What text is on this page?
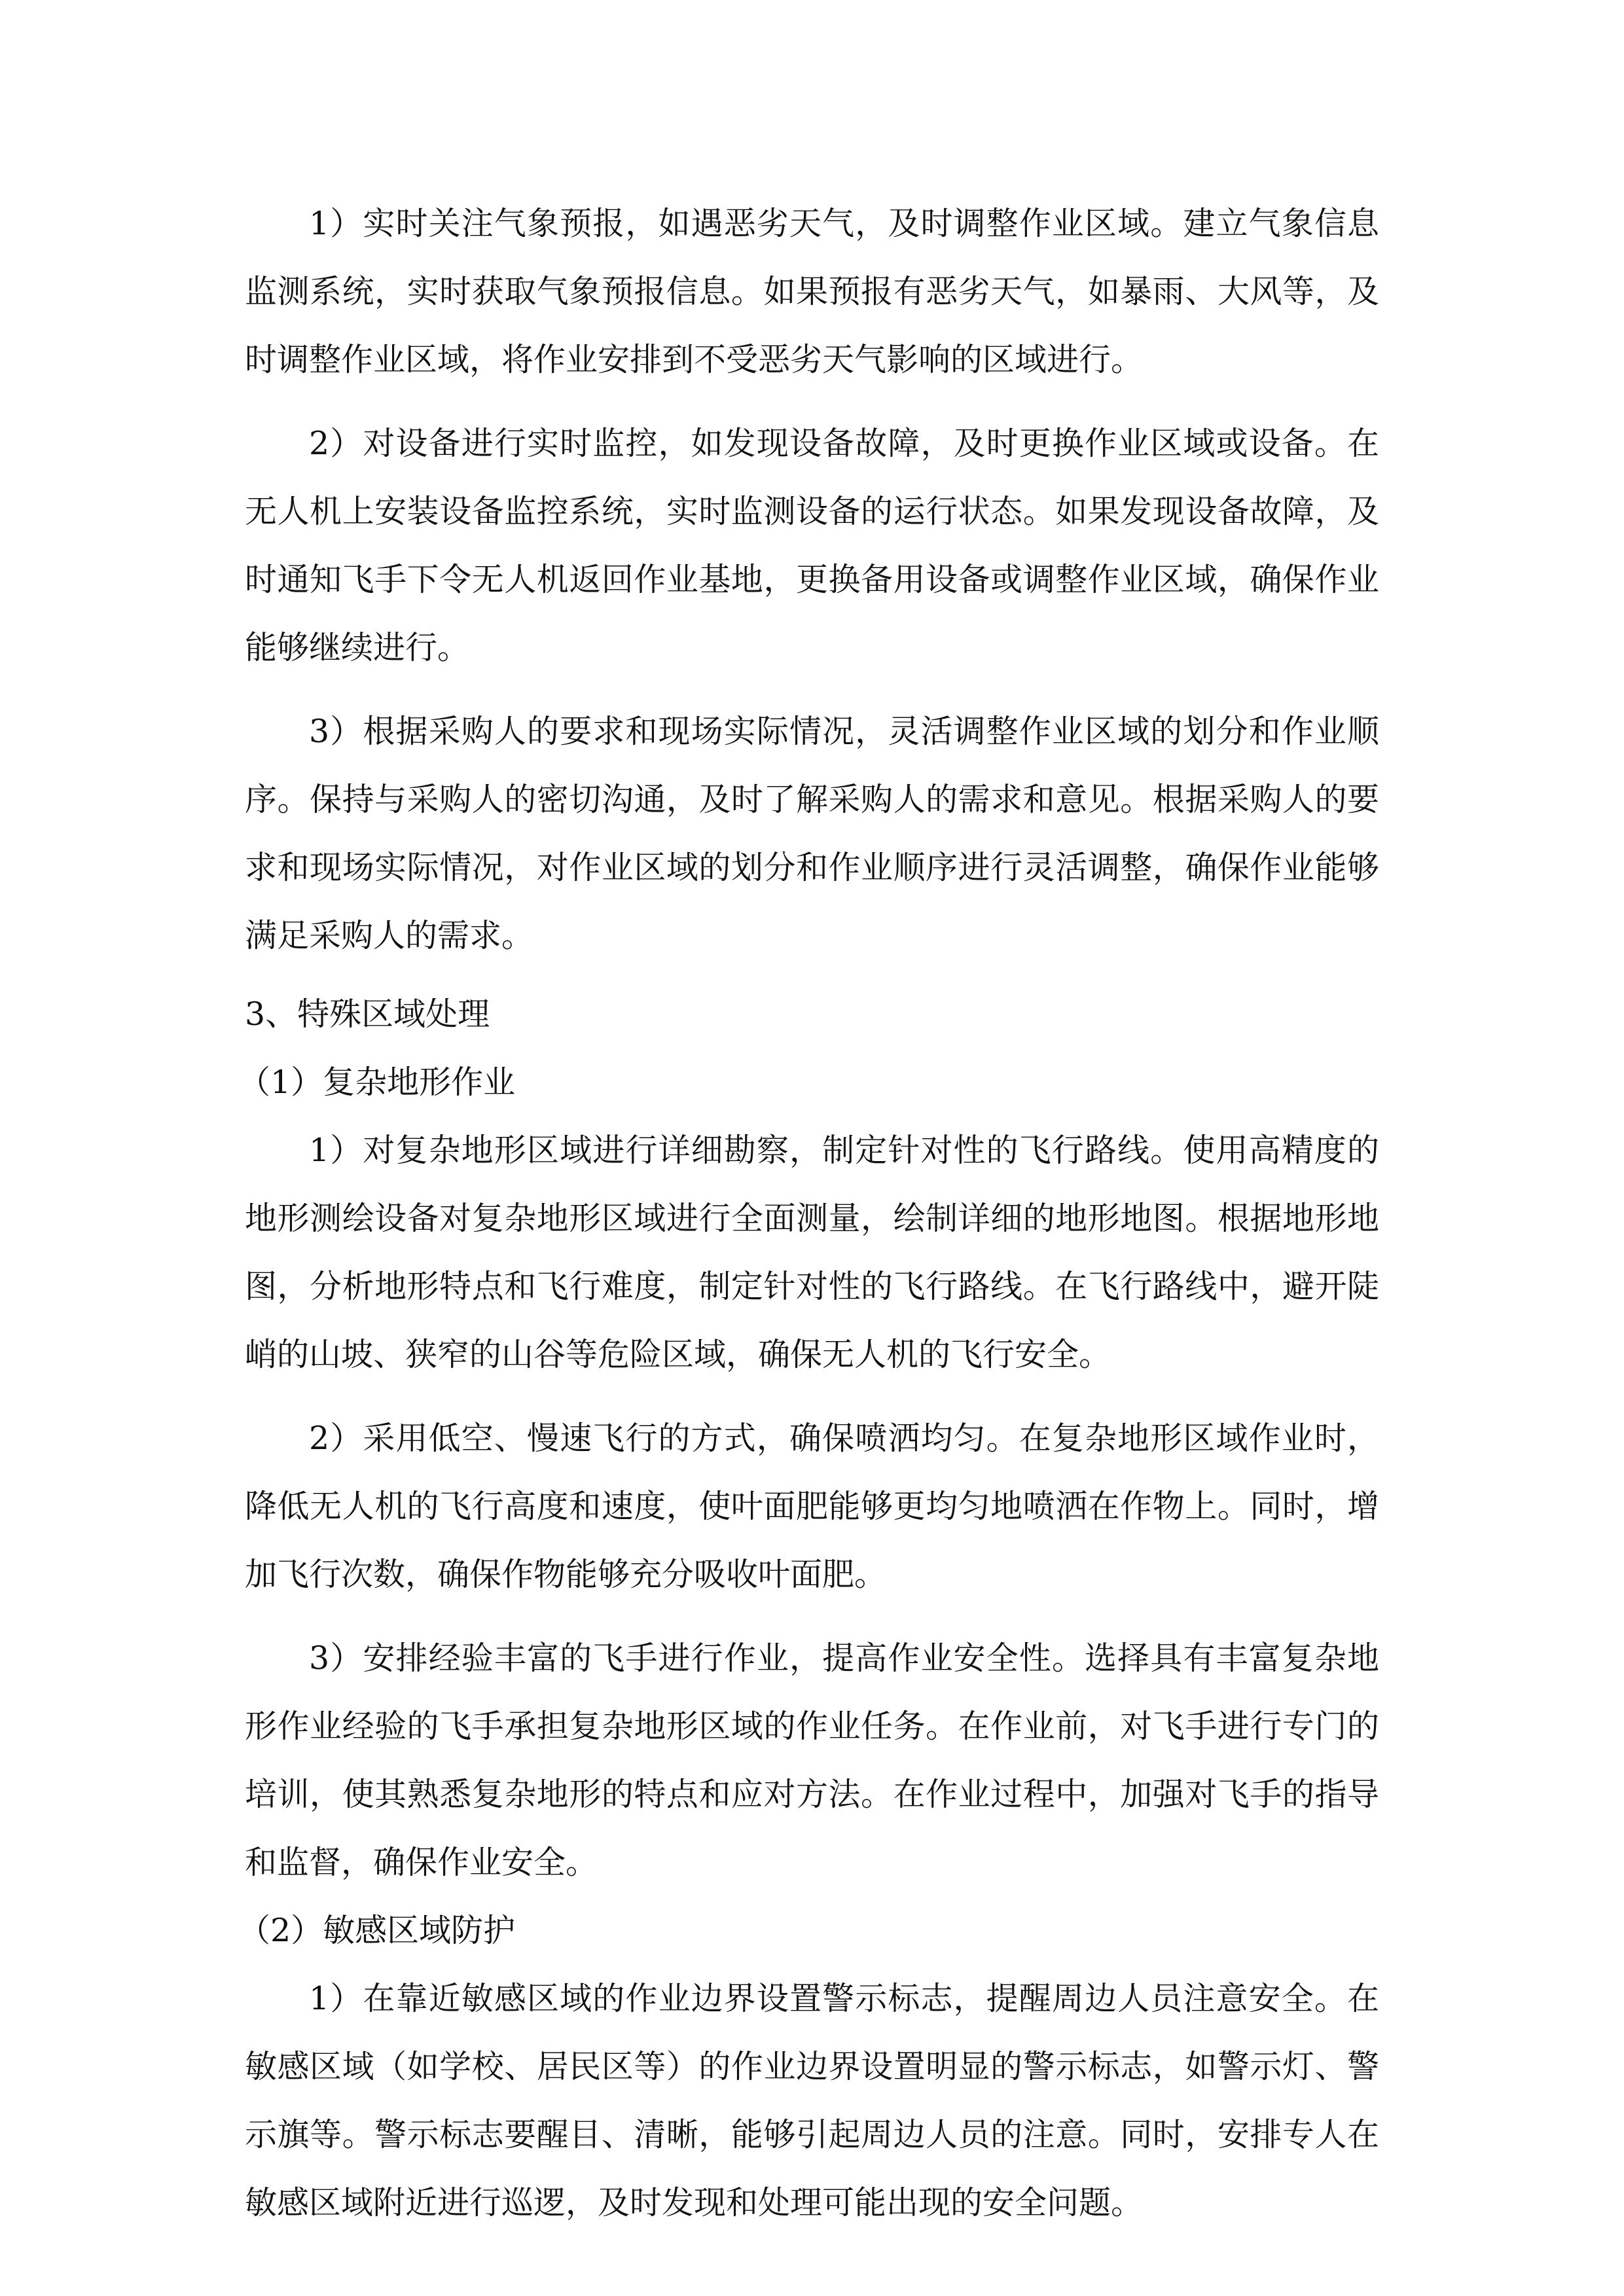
1）实时关注气象预报，如遇恶劣天气，及时调整作业区域。建立气象信息监测系统，实时获取气象预报信息。如果预报有恶劣天气，如暴雨、大风等，及时调整作业区域，将作业安排到不受恶劣天气影响的区域进行。

2）对设备进行实时监控，如发现设备故障，及时更换作业区域或设备。在无人机上安装设备监控系统，实时监测设备的运行状态。如果发现设备故障，及时通知飞手下令无人机返回作业基地，更换备用设备或调整作业区域，确保作业能够继续进行。

3）根据采购人的要求和现场实际情况，灵活调整作业区域的划分和作业顺序。保持与采购人的密切沟通，及时了解采购人的需求和意见。根据采购人的要求和现场实际情况，对作业区域的划分和作业顺序进行灵活调整，确保作业能够满足采购人的需求。

3、特殊区域处理

（1）复杂地形作业

1）对复杂地形区域进行详细勘察，制定针对性的飞行路线。使用高精度的地形测绘设备对复杂地形区域进行全面测量，绘制详细的地形地图。根据地形地图，分析地形特点和飞行难度，制定针对性的飞行路线。在飞行路线中，避开陡峭的山坡、狭窄的山谷等危险区域，确保无人机的飞行安全。

2）采用低空、慢速飞行的方式，确保喷洒均匀。在复杂地形区域作业时，降低无人机的飞行高度和速度，使叶面肥能够更均匀地喷洒在作物上。同时，增加飞行次数，确保作物能够充分吸收叶面肥。

3）安排经验丰富的飞手进行作业，提高作业安全性。选择具有丰富复杂地形作业经验的飞手承担复杂地形区域的作业任务。在作业前，对飞手进行专门的培训，使其熟悉复杂地形的特点和应对方法。在作业过程中，加强对飞手的指导和监督，确保作业安全。

（2）敏感区域防护

1）在靠近敏感区域的作业边界设置警示标志，提醒周边人员注意安全。在敏感区域（如学校、居民区等）的作业边界设置明显的警示标志，如警示灯、警示旗等。警示标志要醒目、清晰，能够引起周边人员的注意。同时，安排专人在敏感区域附近进行巡逻，及时发现和处理可能出现的安全问题。
